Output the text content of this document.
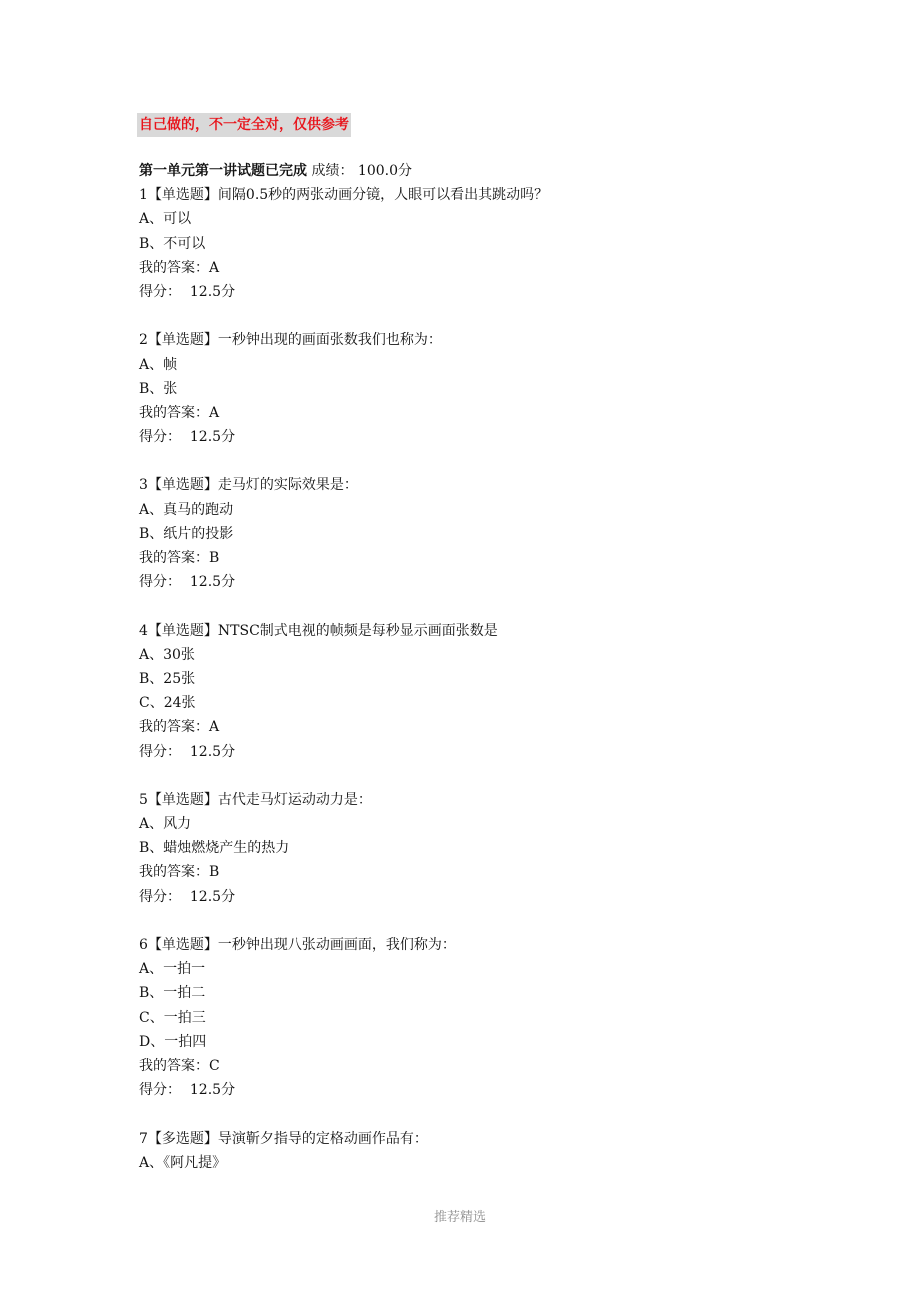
自己做的，不一定全对，仅供参考
第一单元第一讲试题已完成 成绩： 100.0分
1【单选题】间隔0.5秒的两张动画分镜，人眼可以看出其跳动吗？
A、可以
B、不可以
我的答案：A
得分：  12.5分
2【单选题】一秒钟出现的画面张数我们也称为：
A、帧
B、张
我的答案：A
得分：  12.5分
3【单选题】走马灯的实际效果是：
A、真马的跑动
B、纸片的投影
我的答案：B
得分：  12.5分
4【单选题】NTSC制式电视的帧频是每秒显示画面张数是
A、30张
B、25张
C、24张
我的答案：A
得分：  12.5分
5【单选题】古代走马灯运动动力是：
A、风力
B、蜡烛燃烧产生的热力
我的答案：B
得分：  12.5分
6【单选题】一秒钟出现八张动画画面，我们称为：
A、一拍一
B、一拍二
C、一拍三
D、一拍四
我的答案：C
得分：  12.5分
7【多选题】导演靳夕指导的定格动画作品有：
A、《阿凡提》
推荐精选
